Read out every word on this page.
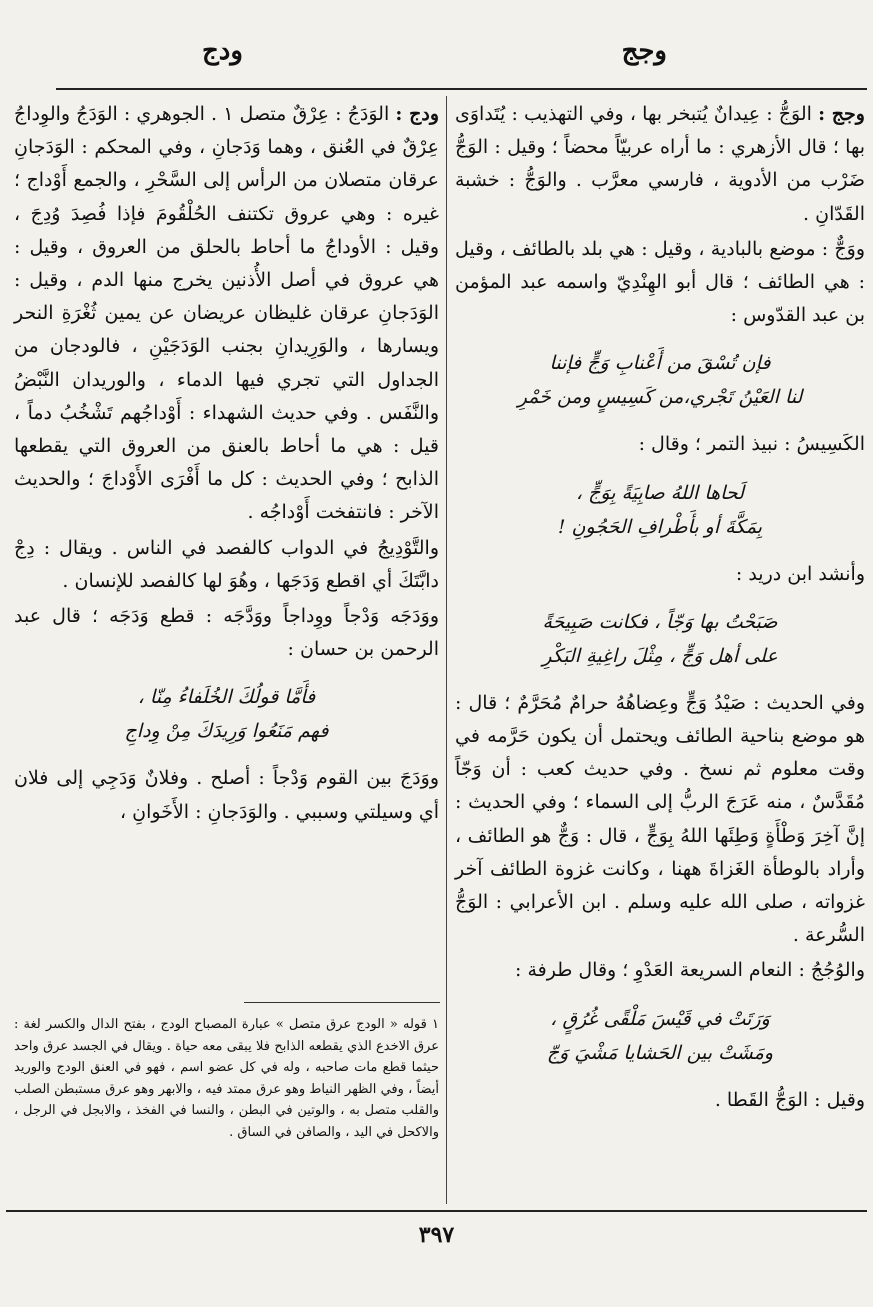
وجج
ودج

وجج : الوَجُّ : عِيدانٌ يُتبخر بها ، وفي التهذيب : يُتَداوَى بها ؛ قال الأزهري : ما أراه عربيّاً محضاً ؛ وقيل : الوَجُّ ضَرْب من الأدوية ، فارسي معرَّب . والوَجُّ : خشبة القَدّانِ .

ووَجٌّ : موضع بالبادية ، وقيل : هي بلد بالطائف ، وقيل : هي الطائف ؛ قال أبو الهِنْدِيّ واسمه عبد المؤمن بن عبد القدّوس :

فإن تُسْقَ من أَعْنابِ وَجٍّ فإننا
لنا العَيْنُ تَجْري،من كَسِيسٍ ومن خَمْرِ

الكَسِيسُ : نبيذ التمر ؛ وقال :

لَحاها اللهُ صابِيَةً بِوَجٍّ ،
بِمَكَّةَ أو بأَطْرافِ الحَجُونِ !

وأنشد ابن دريد :

صَبَحْتُ بها وَجّاً ، فكانت صَبِيحَةً
على أهل وَجٍّ ، مِثْلَ راغِيةِ البَكْرِ

وفي الحديث : صَيْدُ وَجٍّ وعِضاهُهُ حرامٌ مُحَرَّمٌ ؛ قال : هو موضع بناحية الطائف ويحتمل أن يكون حَرَّمه في وقت معلوم ثم نسخ . وفي حديث كعب : أن وَجّاً مُقَدَّسٌ ، منه عَرَجَ الربُّ إلى السماء ؛ وفي الحديث : إنَّ آخِرَ وَطْأَةٍ وَطِئَها اللهُ بِوَجٍّ ، قال : وَجٌّ هو الطائف ، وأراد بالوطأة الغَزاةَ ههنا ، وكانت غزوة الطائف آخر غزواته ، صلى الله عليه وسلم . ابن الأعرابي : الوَجُّ السُّرعة .

والوُجُجُ : النعام السريعة العَدْوِ ؛ وقال طرفة :

وَرَتَتْ في قَيْسَ مَلْقًى غُرُقٍ ،
ومَشَتْ بين الحَشايا مَشْيَ وَجّ

وقيل : الوَجُّ القَطا .

ودج : الوَدَجُ : عِرْقٌ متصل ١ . الجوهري : الوَدَجُ والوِداجُ عِرْقٌ في العُنق ، وهما وَدَجانِ ، وفي المحكم : الوَدَجانِ عرقان متصلان من الرأس إلى السَّحْرِ ، والجمع أَوْداج ؛ غيره : وهي عروق تكتنف الحُلْقُومَ فإذا فُصِدَ وُدِجَ ، وقيل : الأوداجُ ما أحاط بالحلق من العروق ، وقيل : هي عروق في أصل الأُذنين يخرج منها الدم ، وقيل : الوَدَجانِ عرقان غليظان عريضان عن يمين ثُغْرَةِ النحر ويسارها ، والوَرِيدانِ بجنب الوَدَجَيْنِ ، فالودجان من الجداول التي تجري فيها الدماء ، والوريدان النَّبْضُ والنَّفَس . وفي حديث الشهداء : أَوْداجُهم تَشْخُبُ دماً ، قيل : هي ما أحاط بالعنق من العروق التي يقطعها الذابح ؛ وفي الحديث : كل ما أَفْرَى الأَوْداجَ ؛ والحديث الآخر : فانتفخت أَوْداجُه .

والتَّوْدِيجُ في الدواب كالفصد في الناس . ويقال : دِجْ دابَّتَكَ أي اقطع وَدَجَها ، وهُوَ لها كالفصد للإنسان .

ووَدَجَه وَدْجاً ووِداجاً ووَدَّجَه : قطع وَدَجَه ؛ قال عبد الرحمن بن حسان :

فأَمَّا قولُكَ الخُلَفاءُ مِنّا ،
فهم مَنَعُوا وَرِيدَكَ مِنْ وِداجِ

ووَدَجَ بين القوم وَدْجاً : أصلح . وفلانٌ وَدَجِي إلى فلان أي وسيلتي وسببي . والوَدَجانِ : الأَخَوانِ ،

١ قوله « الودج عرق متصل » عبارة المصباح الودج ، بفتح الدال والكسر لغة : عرق الاخدع الذي يقطعه الذابح فلا يبقى معه حياة . ويقال في الجسد عرق واحد حيثما قطع مات صاحبه ، وله في كل عضو اسم ، فهو في العنق الودج والوريد أيضاً ، وفي الظهر النياط وهو عرق ممتد فيه ، والابهر وهو عرق مستبطن الصلب والقلب متصل به ، والوتين في البطن ، والنسا في الفخذ ، والابجل في الرجل ، والاكحل في اليد ، والصافن في الساق .

٣٩٧
